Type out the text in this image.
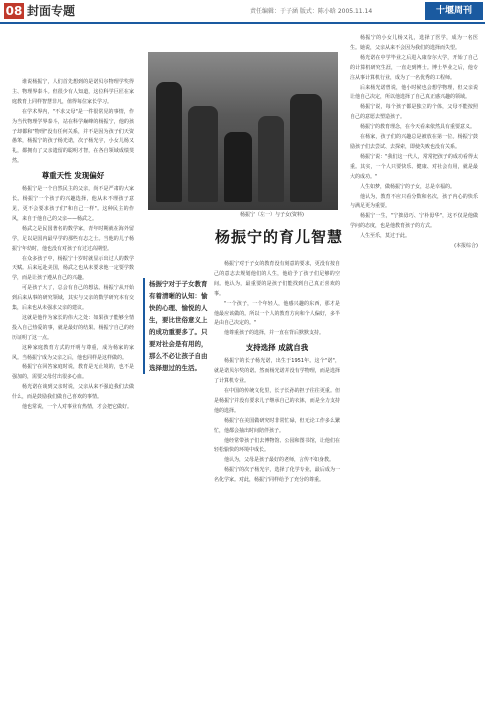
08 封面专题	责任编辑：于子涵 版式：陈小晗 2005.11.14	十堰周刊

谁说杨振宁，人们首先想到的是诺贝尔物理学奖得主、物理界泰斗。但很少有人知道，这位科学巨匠在家庭教育上同样智慧非凡，值得每位家长学习。

在学术界内，"不求父母"是一件很常见的事情，作为当代物理学界泰斗，站在科学巅峰的杨振宁，他的孩子却都和"物理"没有任何关系，并不是因为孩子们天资愚笨，杨振宁的孩子杨光诺，次子杨光宇，小女儿杨又礼，都拥有了父亲遗留的聪明才智，在各自领域成绩斐然。

尊重天性 发现偏好

杨振宁是一个自然民主的父亲，尚不是严肃的大家长。杨振宁一个孩子的兴趣选择，他从未不理孩子意见，更不会要求孩子们"和自己一样"。这种民主的作风，来自于他自己的父亲——杨武之。

杨武之是民国著名的数学家，青年时期就在海外留学，足以是国内最早学的那些有志之士。当他的儿子杨振宁年幼时，他也没有对孩子有过过高期望。

在众多孩子中，杨振宁十岁时就显示出过人的数学天赋。后来远赴美国，杨武之也从未要求他一定要学数学，而是让孩子遵从自己的兴趣。

可是孩子大了，总会有自己的想法。杨振宁从开始到后来从事的研究领域，其实与父亲的数学研究本有交集，后来也从未强求父亲的建议。

这就是他作为家长的伟大之处：如果孩子能够全情投入自己热爱的事，就是最好的结果。杨振宁自己的经历证明了这一点。

这种家庭教育方式的开明与尊重，成为杨家的家风。当杨振宁成为父亲之后，他也同样是这样做的。

杨振宁在回答家庭时说，教育是无止境的，也不是强加的，需要父母付出很多心血。

杨光诺在谈到父亲时说，父亲从来不强迫我们去做什么，而是鼓励我们做自己喜欢的事情。

他也常说，一个人对事业有热情，才会把它做好。

杨振宁（左一）与子女(资料)
杨振宁的育儿智慧
杨振宁对于子女教育有着清晰的认知：愉快的心理、愉悦的人生，要比世俗意义上的成功重要多了。只要对社会是有用的，那么不必让孩子自由选择想过的生活。

杨振宁对于子女的教育没有刻意的要求，更没有按自己的意志去规划他们的人生，他给予了孩子们足够的空间。他认为，最重要的是孩子们能找到自己真正喜欢的事。

"一个孩子，一个年轻人，他感兴趣的东西，那才是他最应该做的。所以一个人的教育方向和个人偏好，多半是由自己决定的。"

他尊重孩子的选择，并一直在背后默默支持。

支持选择 成就自我

杨振宁的长子杨光诺，出生于1951年。这个"诺"，就是诺贝尔奖的诺。然而杨光诺并没有学物理，而是选择了计算机专业。

在中国的传统文化里，长子长孙的担子往往更重。但是杨振宁并没有要求儿子继承自己的衣钵，而是全力支持他的选择。

杨振宁在美国做研究时非常忙碌，但无论工作多么繁忙，他都会抽出时间陪伴孩子。

他经常带孩子们去博物馆、公园和图书馆，让他们在轻松愉快的环境中成长。

他认为，父母是孩子最好的老师，言传不如身教。

杨振宁的次子杨光宇，选择了化学专业，最后成为一名化学家。对此，杨振宁同样给予了充分的尊重。

杨振宁的小女儿杨又礼，选择了医学，成为一名医生。她说，父亲从来不会因为我们的选择而失望。

杨光诺在中学毕业之后进入康奈尔大学，开始了自己的计算机研究生涯，一直走到博士。博士毕业之后，他专注从事计算机行业，成为了一名优秀的工程师。

后来杨光诺曾说，他小时候也会想学物理，但父亲说让他自己决定，所以他选择了自己真正感兴趣的领域。

杨振宁说，每个孩子都是独立的个体，父母不能按照自己的意愿去塑造孩子。

杨振宁的教育理念，在今天看来依然具有重要意义。

在杨家，孩子们的兴趣总是被放在第一位。杨振宁鼓励孩子们去尝试、去探索，即使失败也没有关系。

杨振宁说："我们这一代人，常常把孩子的成功看得太重。其实，一个人只要快乐、健康、对社会有用，就是最大的成功。"

人生如梦，做杨振宁的子女，总是幸福的。

他认为，教育不应只看分数和名次，孩子内心的快乐与满足更为重要。

杨振宁一生，"宁拙毋巧、宁朴毋华"，这不仅是他做学问的态度，也是他教育孩子的方式。

人生至乐，莫过于此。

(本报综合)
